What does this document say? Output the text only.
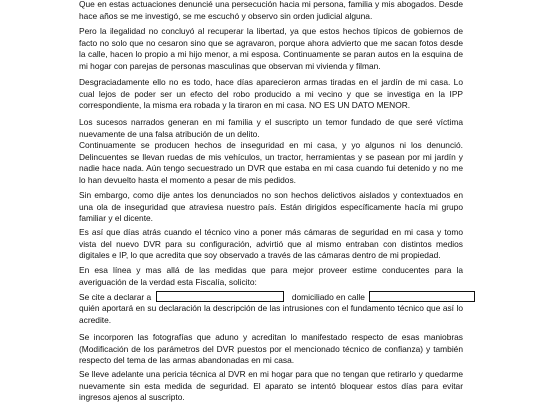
Que en estas actuaciones denuncié una persecución hacia mi persona, familia y mis abogados. Desde hace años se me investigó, se me escuchó y observo sin orden judicial alguna.

Pero la ilegalidad no concluyó al recuperar la libertad, ya que estos hechos típicos de gobiernos de facto no solo que no cesaron sino que se agravaron, porque ahora advierto que me sacan fotos desde la calle, hacen lo propio a mi hijo menor, a mi esposa. Continuamente se paran autos en la esquina de mi hogar con parejas de personas masculinas que observan mi vivienda y filman.

Desgraciadamente ello no es todo, hace días aparecieron armas tiradas en el jardín de mi casa. Lo cual lejos de poder ser un efecto del robo producido a mi vecino y que se investiga en la IPP correspondiente, la misma era robada y la tiraron en mi casa. NO ES UN DATO MENOR.

Los sucesos narrados generan en mi familia y el suscripto un temor fundado de que seré víctima nuevamente de una falsa atribución de un delito.

Continuamente se producen hechos de inseguridad en mi casa, y yo algunos ni los denunció. Delincuentes se llevan ruedas de mis vehículos, un tractor, herramientas y se pasean por mi jardín y nadie hace nada. Aún tengo secuestrado un DVR que estaba en mi casa cuando fui detenido y no me lo han devuelto hasta el momento a pesar de mis pedidos.

Sin embargo, como dije antes los denunciados no son hechos delictivos aislados y contextuados en una ola de inseguridad que atraviesa nuestro país. Están dirigidos específicamente hacía mi grupo familiar y el dicente.

Es así que días atrás cuando el técnico vino a poner más cámaras de seguridad en mi casa y tomo vista del nuevo DVR para su configuración, advirtió que al mismo entraban con distintos medios digitales e IP, lo que acredita que soy observado a través de las cámaras dentro de mi propiedad.

En esa línea y mas allá de las medidas que para mejor proveer estime conducentes para la averiguación de la verdad esta Fiscalía, solicito:

Se cite a declarar a	domiciliado en calle

quién aportará en su declaración la descripción de las intrusiones con el fundamento técnico que así lo acredite.

Se incorporen las fotografías que aduno y acreditan lo manifestado respecto de esas maniobras (Modificación de los parámetros del DVR puestos por el mencionado técnico de confianza) y también respecto del tema de las armas abandonadas en mi casa.

Se lleve adelante una pericia técnica al DVR en mi hogar para que no tengan que retirarlo y quedarme nuevamente sin esta medida de seguridad. El aparato se intentó bloquear estos días para evitar ingresos ajenos al suscripto.
